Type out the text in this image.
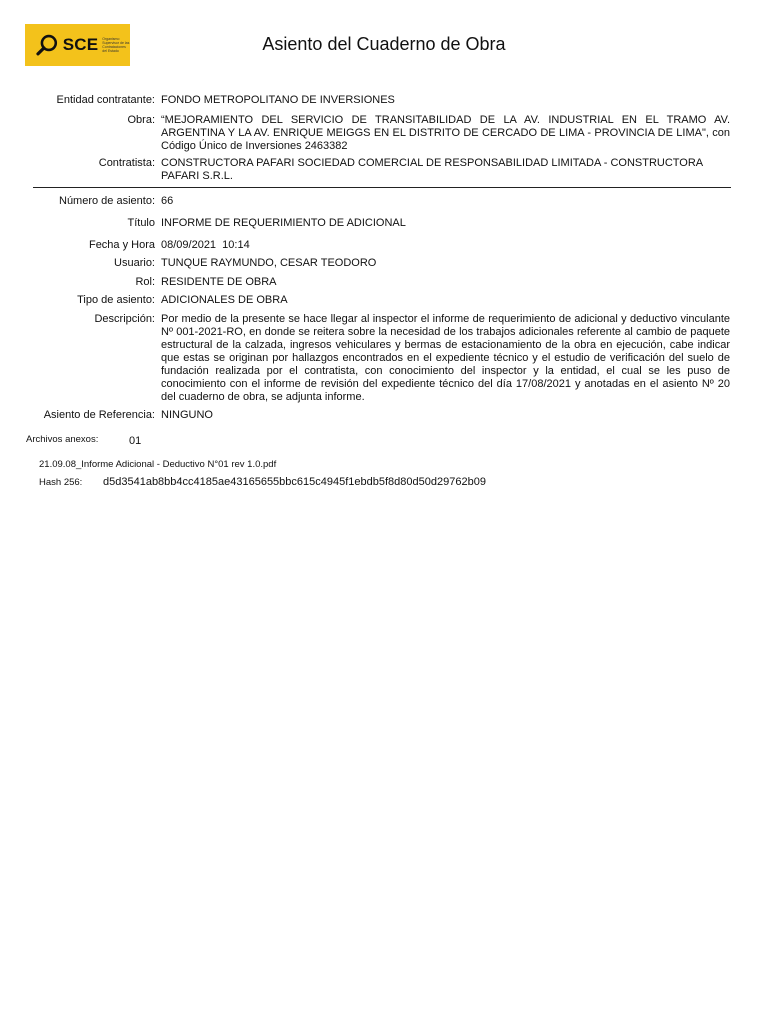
SCE Organismo Supervisor de las Contrataciones del Estado	Asiento del Cuaderno de Obra
Entidad contratante: FONDO METROPOLITANO DE INVERSIONES
Obra: “MEJORAMIENTO DEL SERVICIO DE TRANSITABILIDAD DE LA AV. INDUSTRIAL EN EL TRAMO AV. ARGENTINA Y LA AV. ENRIQUE MEIGGS EN EL DISTRITO DE CERCADO DE LIMA - PROVINCIA DE LIMA", con Código Único de Inversiones 2463382
Contratista: CONSTRUCTORA PAFARI SOCIEDAD COMERCIAL DE RESPONSABILIDAD LIMITADA - CONSTRUCTORA PAFARI S.R.L.
Número de asiento: 66
Título INFORME DE REQUERIMIENTO DE ADICIONAL
Fecha y Hora 08/09/2021  10:14
Usuario: TUNQUE RAYMUNDO, CESAR TEODORO
Rol: RESIDENTE DE OBRA
Tipo de asiento: ADICIONALES DE OBRA
Descripción: Por medio de la presente se hace llegar al inspector el informe de requerimiento de adicional y deductivo vinculante Nº 001-2021-RO, en donde se reitera sobre la necesidad de los trabajos adicionales referente al cambio de paquete estructural de la calzada, ingresos vehiculares y bermas de estacionamiento de la obra en ejecución, cabe indicar que estas se originan por hallazgos encontrados en el expediente técnico y el estudio de verificación del suelo de fundación realizada por el contratista, con conocimiento del inspector y la entidad, el cual se les puso de conocimiento con el informe de revisión del expediente técnico del día 17/08/2021 y anotadas en el asiento Nº 20 del cuaderno de obra, se adjunta informe.
Asiento de Referencia: NINGUNO
Archivos anexos:	01
21.09.08_Informe Adicional - Deductivo N°01 rev 1.0.pdf
Hash 256: d5d3541ab8bb4cc4185ae43165655bbc615c4945f1ebdb5f8d80d50d29762b09
